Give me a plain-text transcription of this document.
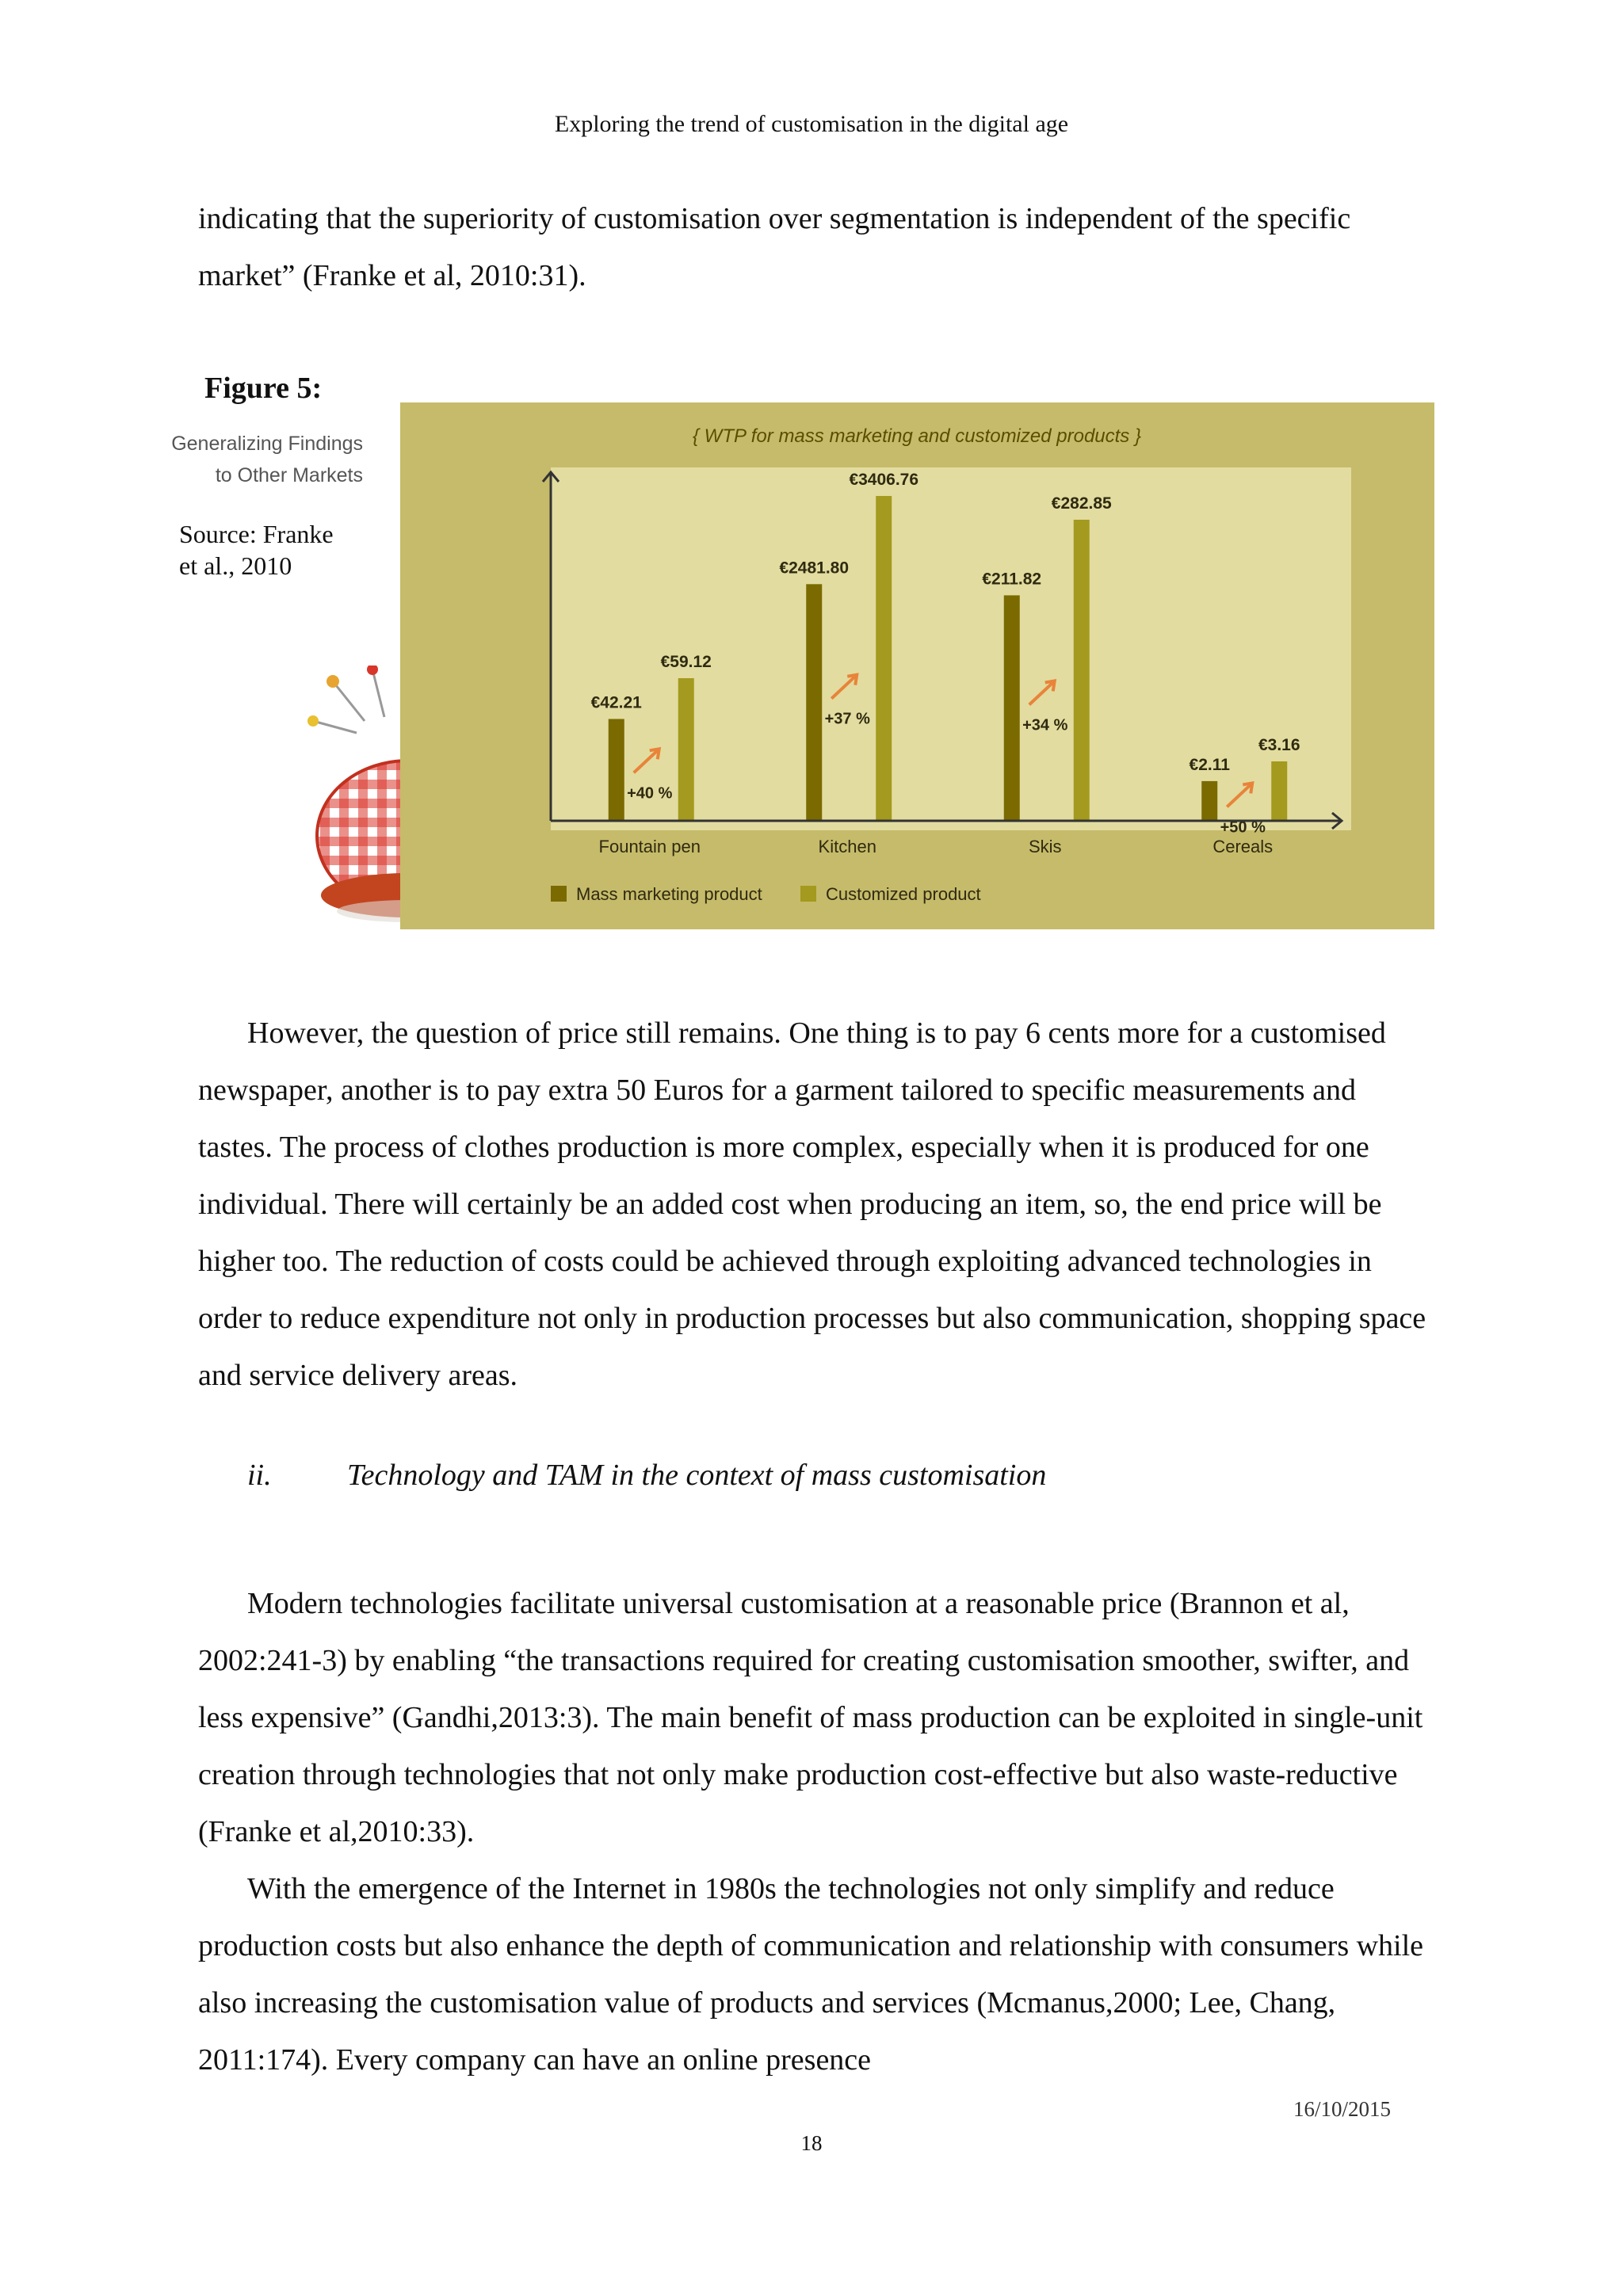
Exploring the trend of customisation in the digital age
indicating that the superiority of customisation over segmentation is independent of the specific market” (Franke et al, 2010:31).
Figure 5:
Generalizing Findings
to Other Markets
Source: Franke
et al., 2010
{ WTP for mass marketing and customized products }
€42.21
€59.12
+40 %
Fountain pen
€2481.80
€3406.76
+37 %
Kitchen
€211.82
€282.85
+34 %
Skis
€2.11
€3.16
+50 %
Cereals
Mass marketing product	Customized product
However, the question of price still remains. One thing is to pay 6 cents more for a customised newspaper, another is to pay extra 50 Euros for a garment tailored to specific measurements and tastes. The process of clothes production is more complex, especially when it is produced for one individual. There will certainly be an added cost when producing an item, so, the end price will be higher too. The reduction of costs could be achieved through exploiting advanced technologies in order to reduce expenditure not only in production processes but also communication, shopping space and service delivery areas.
ii.	Technology and TAM in the context of mass customisation
Modern technologies facilitate universal customisation at a reasonable price (Brannon et al, 2002:241-3) by enabling “the transactions required for creating customisation smoother, swifter, and less expensive” (Gandhi,2013:3). The main benefit of mass production can be exploited in single-unit creation through technologies that not only make production cost-effective but also waste-reductive (Franke et al,2010:33).
With the emergence of the Internet in 1980s the technologies not only simplify and reduce production costs but also enhance the depth of communication and relationship with consumers while also increasing the customisation value of products and services (Mcmanus,2000; Lee, Chang, 2011:174). Every company can have an online presence
16/10/2015
18
